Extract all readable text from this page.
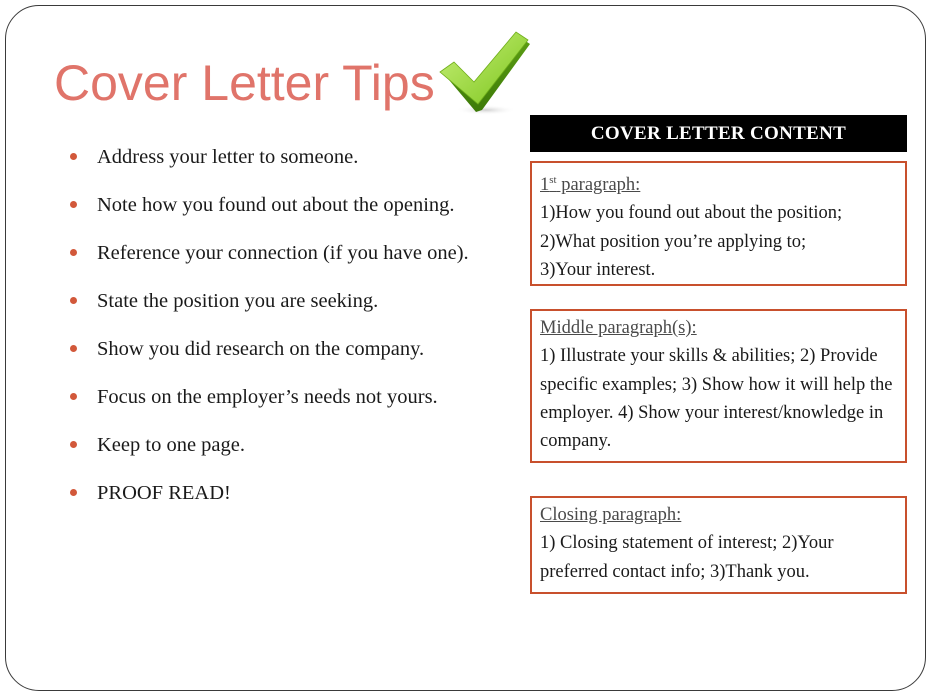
Cover Letter Tips
Address your letter to someone.
Note how you found out about the opening.
Reference your connection (if you have one).
State the position you are seeking.
Show you did research on the company.
Focus on the employer’s needs not yours.
Keep to one page.
PROOF READ!
COVER LETTER CONTENT
1st paragraph:
1)How you found out about the position;
2)What position you’re applying to;
3)Your interest.
Middle paragraph(s):
1) Illustrate your skills & abilities; 2) Provide specific examples; 3) Show how it will help the employer. 4) Show your interest/knowledge in company.
Closing paragraph:
1) Closing statement of interest; 2)Your preferred contact info; 3)Thank you.
